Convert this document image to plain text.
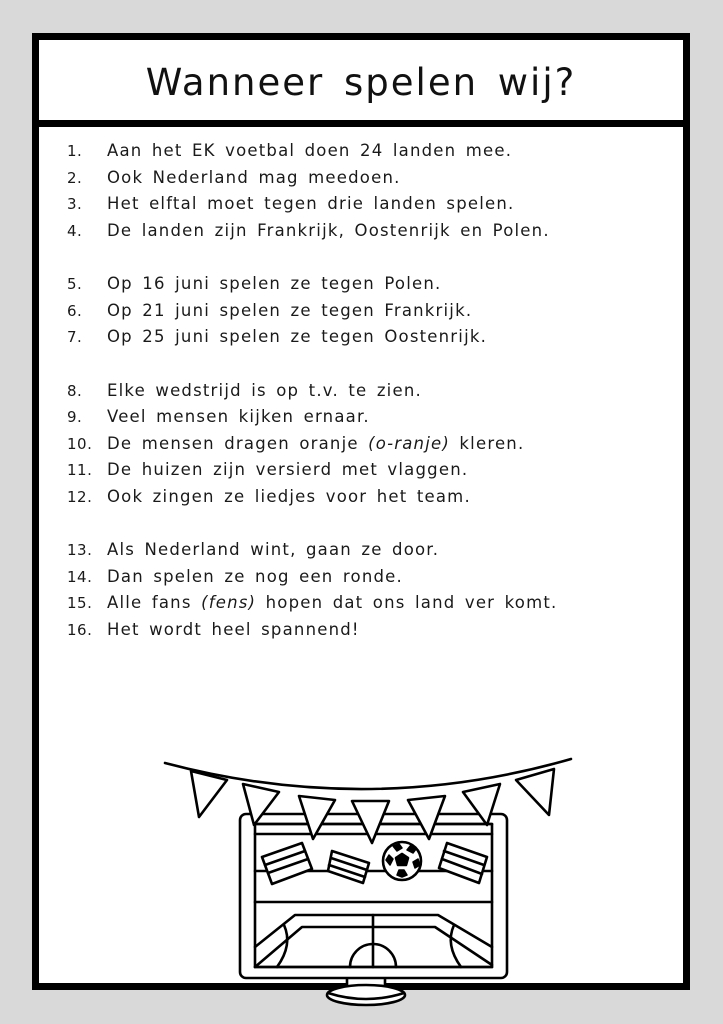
Wanneer spelen wij?
1.	Aan het EK voetbal doen 24 landen mee.
2.	Ook Nederland mag meedoen.
3.	Het elftal moet tegen drie landen spelen.
4.	De landen zijn Frankrijk, Oostenrijk en Polen.
5.	Op 16 juni spelen ze tegen Polen.
6.	Op 21 juni spelen ze tegen Frankrijk.
7.	Op 25 juni spelen ze tegen Oostenrijk.
8.	Elke wedstrijd is op t.v. te zien.
9.	Veel mensen kijken ernaar.
10. De mensen dragen oranje (o-ranje) kleren.
11. De huizen zijn versierd met vlaggen.
12. Ook zingen ze liedjes voor het team.
13. Als Nederland wint, gaan ze door.
14. Dan spelen ze nog een ronde.
15. Alle fans (fens) hopen dat ons land ver komt.
16. Het wordt heel spannend!
